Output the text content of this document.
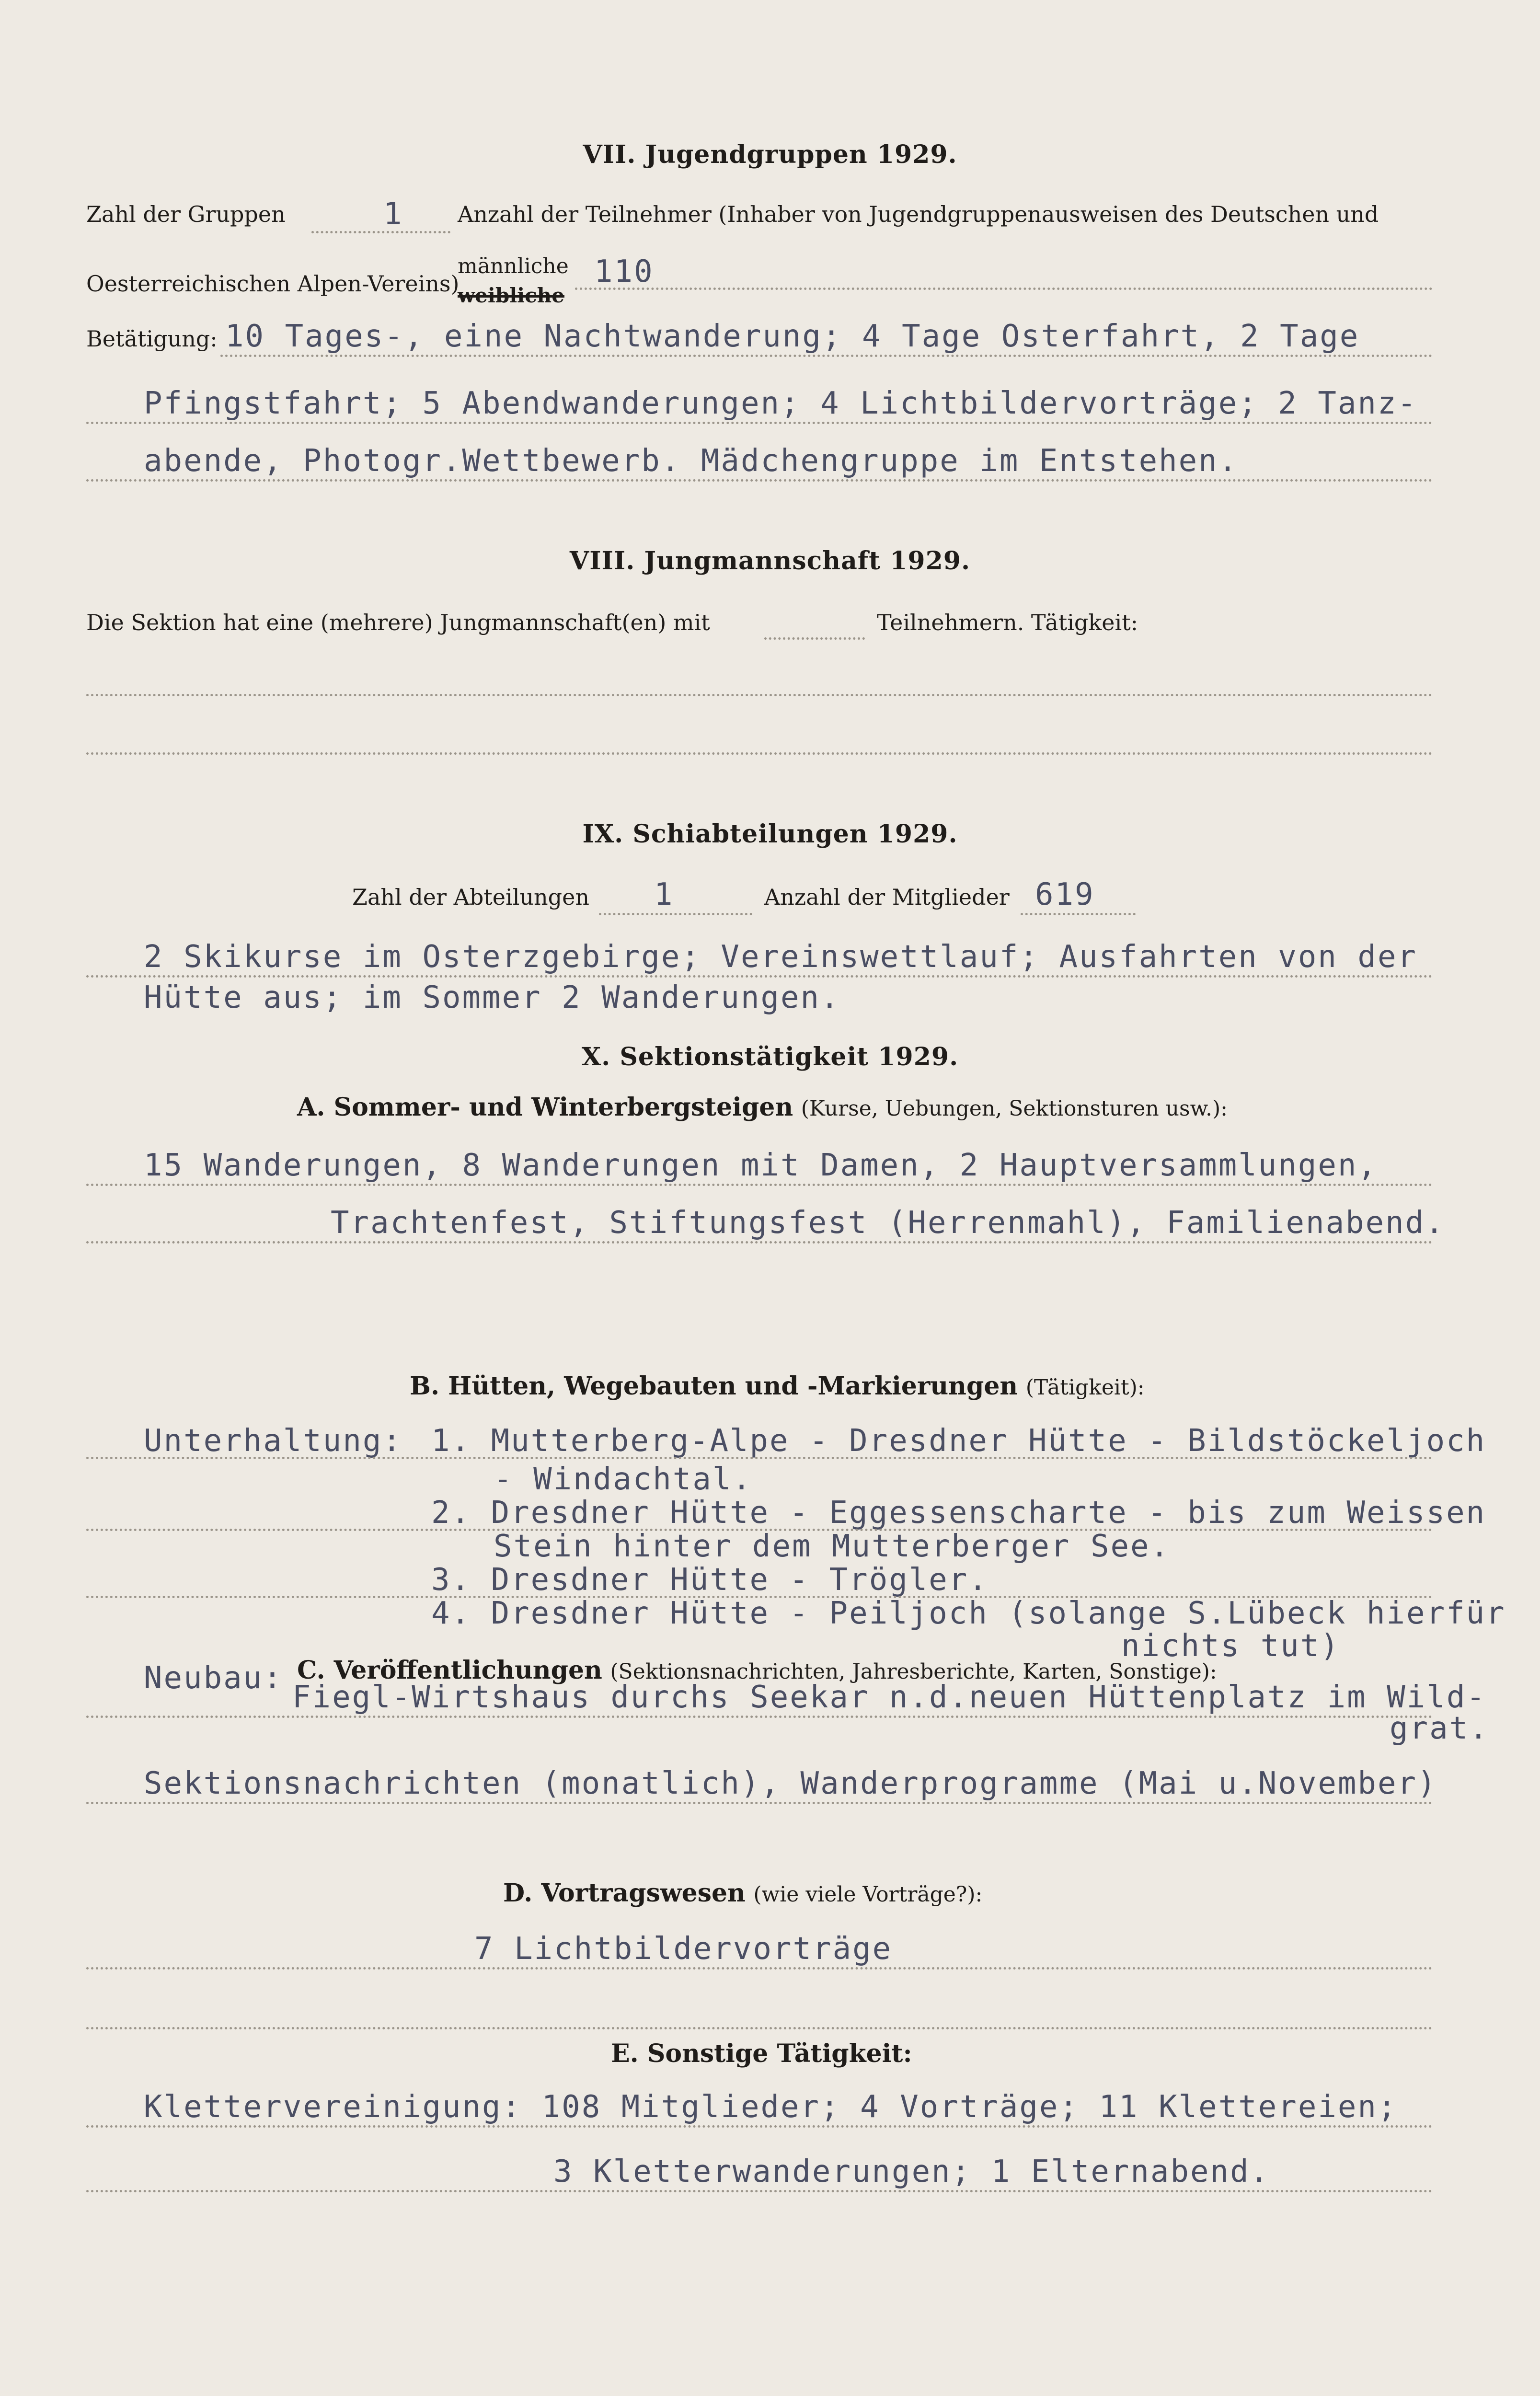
VII. Jugendgruppen 1929.
Zahl der Gruppen	1 Anzahl der Teilnehmer (Inhaber von Jugendgruppenausweisen des Deutschen und
Oesterreichischen Alpen-Vereins)
männliche
weibliche
110
Betätigung: 10 Tages-, eine Nachtwanderung; 4 Tage Osterfahrt, 2 Tage
Pfingstfahrt; 5 Abendwanderungen; 4 Lichtbildervorträge; 2 Tanz-
abende, Photogr.Wettbewerb. Mädchengruppe im Entstehen.
VIII. Jungmannschaft 1929.
Die Sektion hat eine (mehrere) Jungmannschaft(en) mit	Teilnehmern. Tätigkeit:
IX. Schiabteilungen 1929.
Zahl der Abteilungen 1	Anzahl der Mitglieder 619
2 Skikurse im Osterzgebirge; Vereinswettlauf; Ausfahrten von der
Hütte aus; im Sommer 2 Wanderungen.
X. Sektionstätigkeit 1929.
A. Sommer- und Winterbergsteigen (Kurse, Uebungen, Sektionsturen usw.):
15 Wanderungen, 8 Wanderungen mit Damen, 2 Hauptversammlungen,
Trachtenfest, Stiftungsfest (Herrenmahl), Familienabend.
B. Hütten, Wegebauten und -Markierungen (Tätigkeit):
Unterhaltung: 1. Mutterberg-Alpe - Dresdner Hütte - Bildstöckeljoch
- Windachtal.
2. Dresdner Hütte - Eggessenscharte - bis zum Weissen
Stein hinter dem Mutterberger See.
3. Dresdner Hütte - Trögler.
4. Dresdner Hütte - Peiljoch (solange S.Lübeck hierfür
nichts tut)
Neubau: C. Veröffentlichungen (Sektionsnachrichten, Jahresberichte, Karten, Sonstige):
Fiegl-Wirtshaus durchs Seekar n.d.neuen Hüttenplatz im Wild-
grat.
Sektionsnachrichten (monatlich), Wanderprogramme (Mai u.November)
D. Vortragswesen (wie viele Vorträge?):
7 Lichtbildervorträge
E. Sonstige Tätigkeit:
Klettervereinigung: 108 Mitglieder; 4 Vorträge; 11 Klettereien;
3 Kletterwanderungen; 1 Elternabend.
